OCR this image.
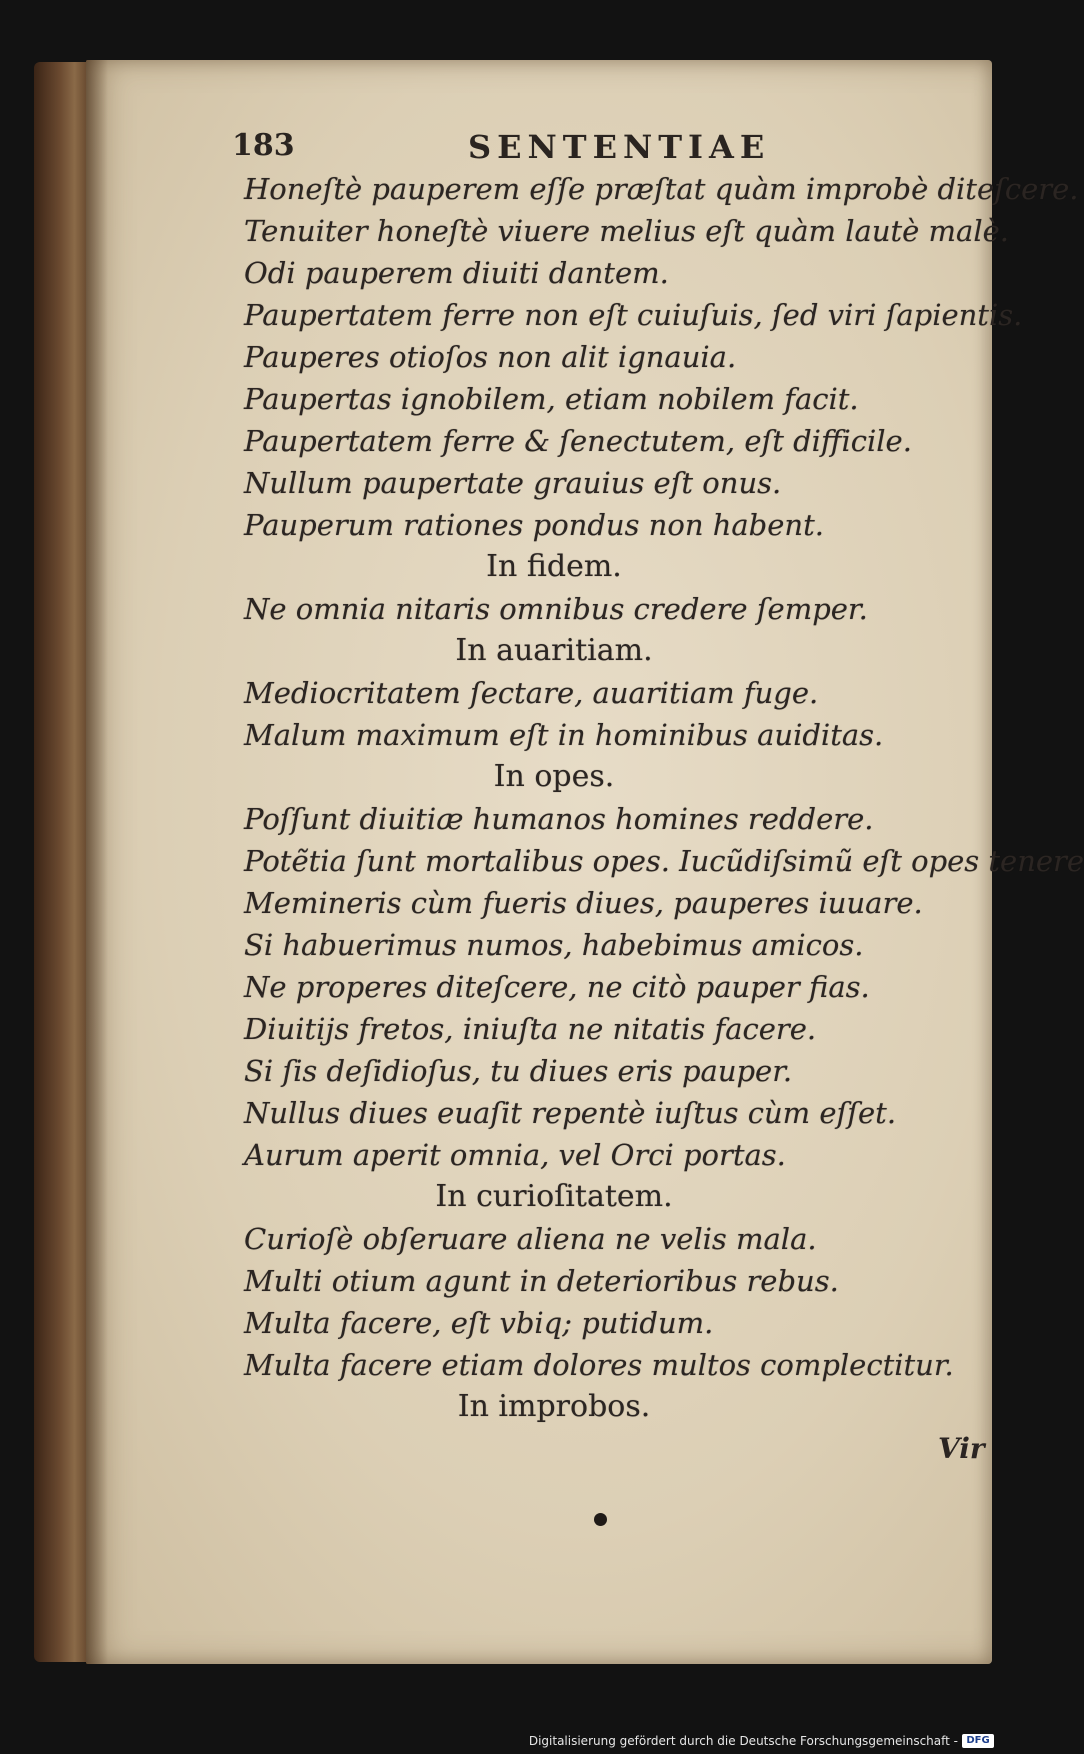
183	SENTENTIAE
Honeſtè pauperem eſſe præſtat quàm improbè diteſcere.
Tenuiter honeſtè viuere melius eſt quàm lautè malè.
Odi pauperem diuiti dantem.
Paupertatem ferre non eſt cuiuſuis, ſed viri ſapientis.
Pauperes otioſos non alit ignauia.
Paupertas ignobilem, etiam nobilem facit.
Paupertatem ferre & ſenectutem, eſt difficile.
Nullum paupertate grauius eſt onus.
Pauperum rationes pondus non habent.
In fidem.
Ne omnia nitaris omnibus credere ſemper.
In auaritiam.
Mediocritatem ſectare, auaritiam fuge.
Malum maximum eſt in hominibus auiditas.
In opes.
Poſſunt diuitiæ humanos homines reddere.
Potẽtia ſunt mortalibus opes. Iucũdiſsimũ eſt opes tenere
Memineris cùm fueris diues, pauperes iuuare.
Si habuerimus numos, habebimus amicos.
Ne properes diteſcere, ne citò pauper fias.
Diuitijs fretos, iniuſta ne nitatis facere.
Si ſis deſidioſus, tu diues eris pauper.
Nullus diues euaſit repentè iuſtus cùm eſſet.
Aurum aperit omnia, vel Orci portas.
In curioſitatem.
Curioſè obſeruare aliena ne velis mala.
Multi otium agunt in deterioribus rebus.
Multa facere, eſt vbiq; putidum.
Multa facere etiam dolores multos complectitur.
In improbos.
Vir
Digitalisierung gefördert durch die Deutsche Forschungsgemeinschaft - DFG
